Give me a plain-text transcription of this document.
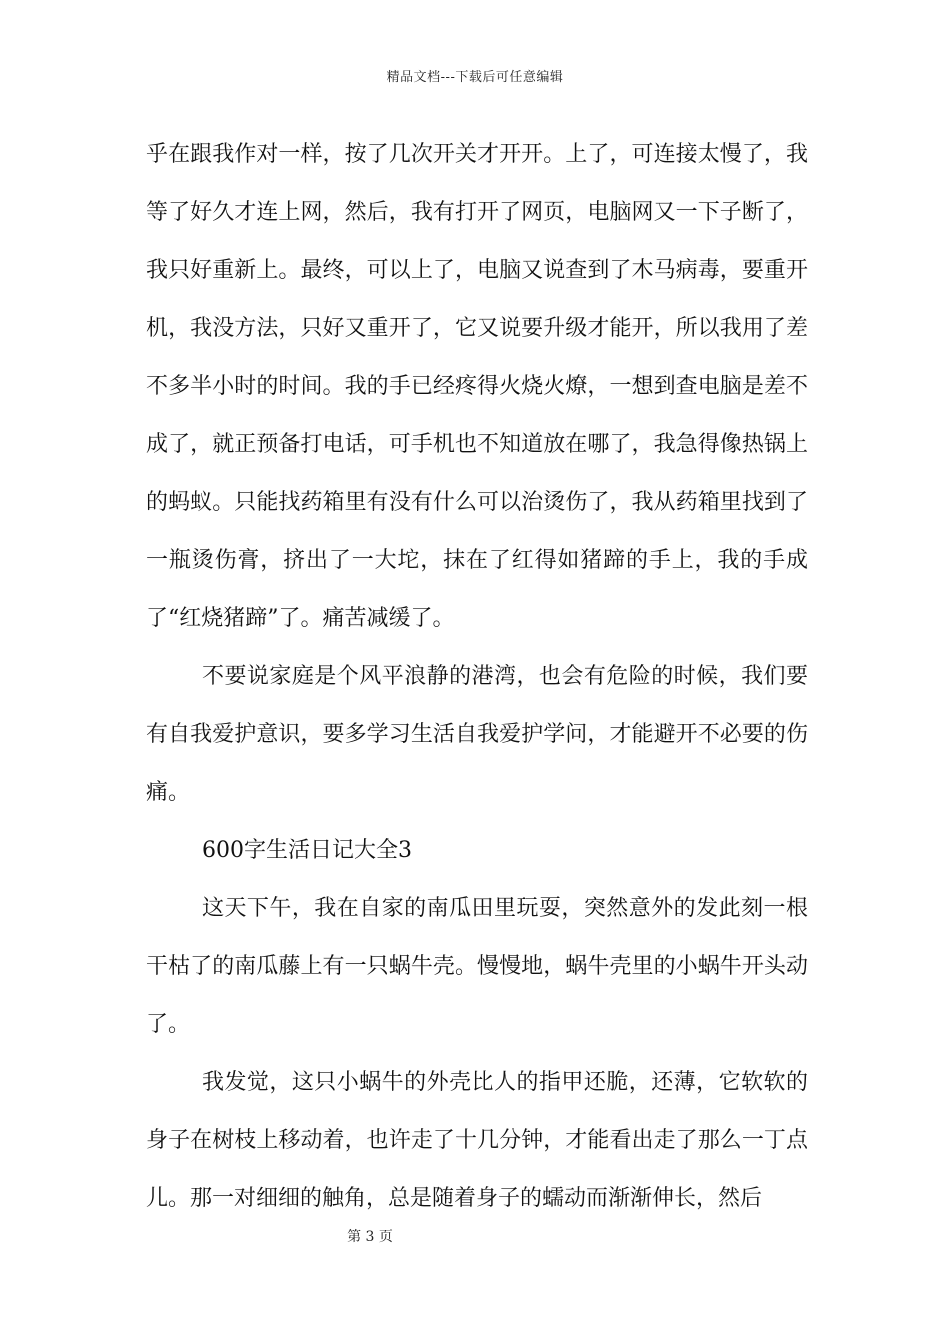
精品文档---下载后可任意编辑

乎在跟我作对一样，按了几次开关才开开。上了，可连接太慢了，我等了好久才连上网，然后，我有打开了网页，电脑网又一下子断了，我只好重新上。最终，可以上了，电脑又说查到了木马病毒，要重开机，我没方法，只好又重开了，它又说要升级才能开，所以我用了差不多半小时的时间。我的手已经疼得火烧火燎，一想到查电脑是差不成了，就正预备打电话，可手机也不知道放在哪了，我急得像热锅上的蚂蚁。只能找药箱里有没有什么可以治烫伤了，我从药箱里找到了一瓶烫伤膏，挤出了一大坨，抹在了红得如猪蹄的手上，我的手成了“红烧猪蹄”了。痛苦减缓了。

不要说家庭是个风平浪静的港湾，也会有危险的时候，我们要有自我爱护意识，要多学习生活自我爱护学问，才能避开不必要的伤痛。

600字生活日记大全3

这天下午，我在自家的南瓜田里玩耍，突然意外的发此刻一根干枯了的南瓜藤上有一只蜗牛壳。慢慢地，蜗牛壳里的小蜗牛开头动了。

我发觉，这只小蜗牛的外壳比人的指甲还脆，还薄，它软软的身子在树枝上移动着，也许走了十几分钟，才能看出走了那么一丁点儿。那一对细细的触角，总是随着身子的蠕动而渐渐伸长，然后

第 3 页
